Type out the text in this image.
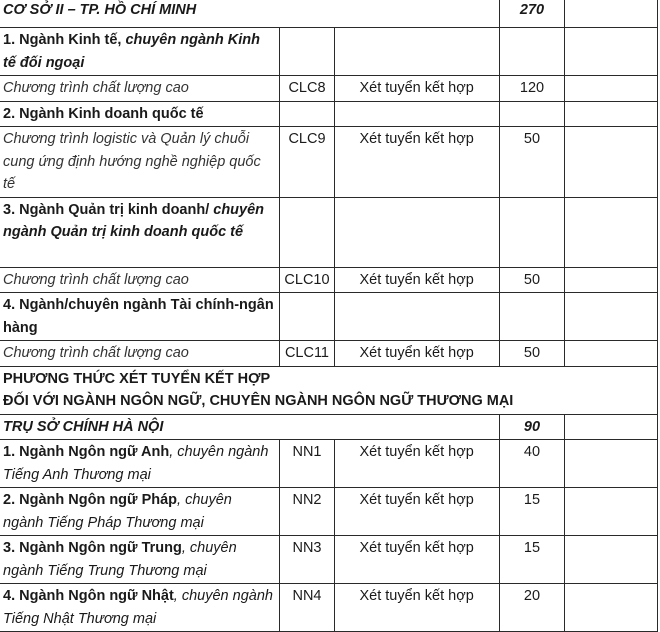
CƠ SỞ II – TP. HỒ CHÍ MINH			270	
1. Ngành Kinh tế, chuyên ngành Kinh tế đối ngoại				
Chương trình chất lượng cao	CLC8	Xét tuyển kết hợp	120	
2. Ngành Kinh doanh quốc tế				
Chương trình logistic và Quản lý chuỗi cung ứng định hướng nghề nghiệp quốc tế	CLC9	Xét tuyển kết hợp	50	
3. Ngành Quản trị kinh doanh/ chuyên ngành Quản trị kinh doanh quốc tế				
Chương trình chất lượng cao	CLC10	Xét tuyển kết hợp	50	
4. Ngành/chuyên ngành Tài chính-ngân hàng				
Chương trình chất lượng cao	CLC11	Xét tuyển kết hợp	50	

PHƯƠNG THỨC XÉT TUYỂN KẾT HỢP
ĐỐI VỚI NGÀNH NGÔN NGỮ, CHUYÊN NGÀNH NGÔN NGỮ THƯƠNG MẠI				

TRỤ SỞ CHÍNH HÀ NỘI			90	
1. Ngành Ngôn ngữ Anh, chuyên ngành Tiếng Anh Thương mại	NN1	Xét tuyển kết hợp	40	
2. Ngành Ngôn ngữ Pháp, chuyên ngành Tiếng Pháp Thương mại	NN2	Xét tuyển kết hợp	15	
3. Ngành Ngôn ngữ Trung, chuyên ngành Tiếng Trung Thương mại	NN3	Xét tuyển kết hợp	15	
4. Ngành Ngôn ngữ Nhật, chuyên ngành Tiếng Nhật Thương mại	NN4	Xét tuyển kết hợp	20	
